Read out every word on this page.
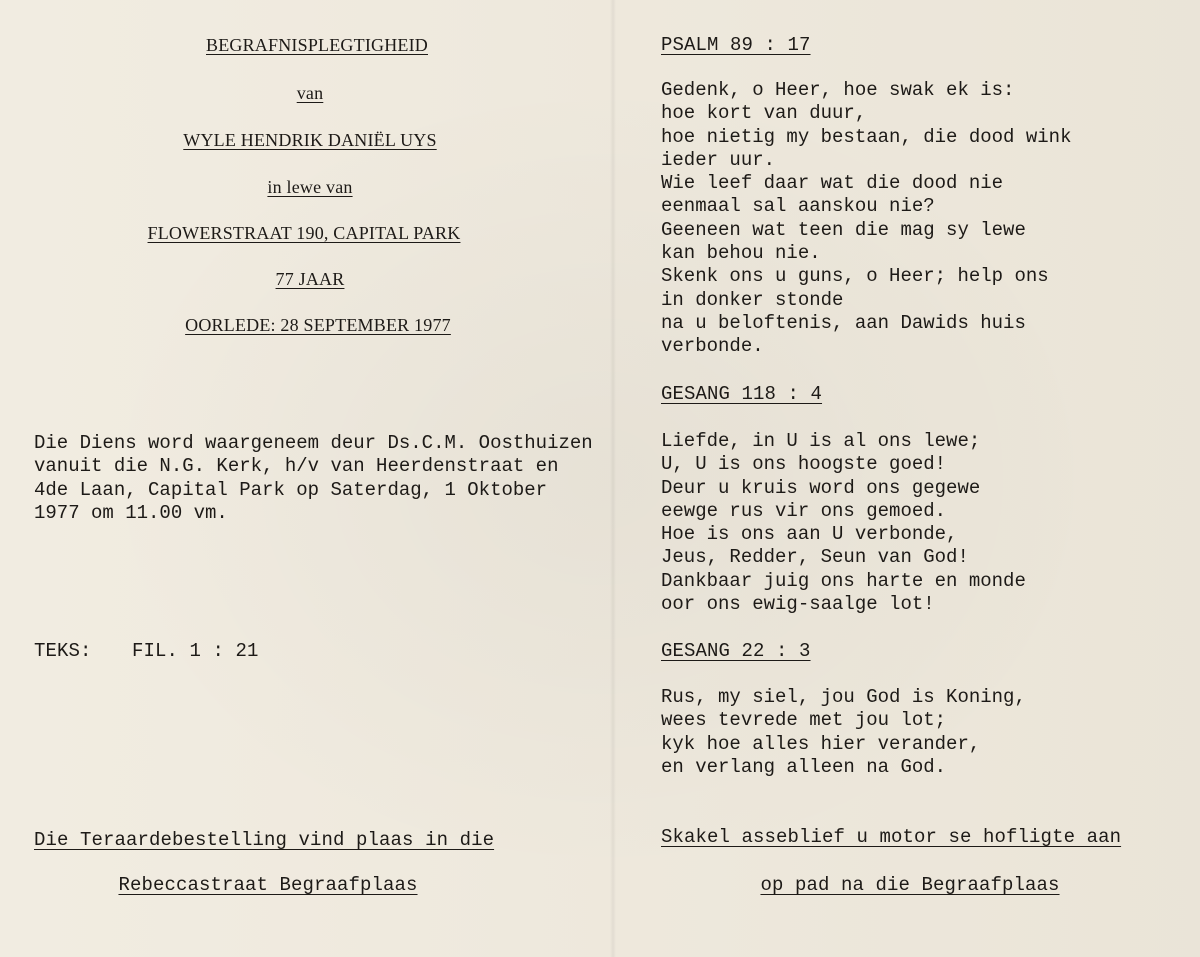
BEGRAFNISPLEGTIGHEID
van
WYLE HENDRIK DANIËL UYS
in lewe van
FLOWERSTRAAT 190, CAPITAL PARK
77 JAAR
OORLEDE: 28 SEPTEMBER 1977
Die Diens word waargeneem deur Ds.C.M. Oosthuizen
vanuit die N.G. Kerk, h/v van Heerdenstraat en
4de Laan, Capital Park op Saterdag, 1 Oktober
1977 om 11.00 vm.
TEKS: FIL. 1 : 21
Die Teraardebestelling vind plaas in die
Rebeccastraat Begraafplaas
PSALM 89 : 17
Gedenk, o Heer, hoe swak ek is:
hoe kort van duur,
hoe nietig my bestaan, die dood wink
ieder uur.
Wie leef daar wat die dood nie
eenmaal sal aanskou nie?
Geeneen wat teen die mag sy lewe
kan behou nie.
Skenk ons u guns, o Heer; help ons
in donker stonde
na u beloftenis, aan Dawids huis
verbonde.
GESANG 118 : 4
Liefde, in U is al ons lewe;
U, U is ons hoogste goed!
Deur u kruis word ons gegewe
eewge rus vir ons gemoed.
Hoe is ons aan U verbonde,
Jeus, Redder, Seun van God!
Dankbaar juig ons harte en monde
oor ons ewig-saalge lot!
GESANG 22 : 3
Rus, my siel, jou God is Koning,
wees tevrede met jou lot;
kyk hoe alles hier verander,
en verlang alleen na God.
Skakel asseblief u motor se hofligte aan
op pad na die Begraafplaas
